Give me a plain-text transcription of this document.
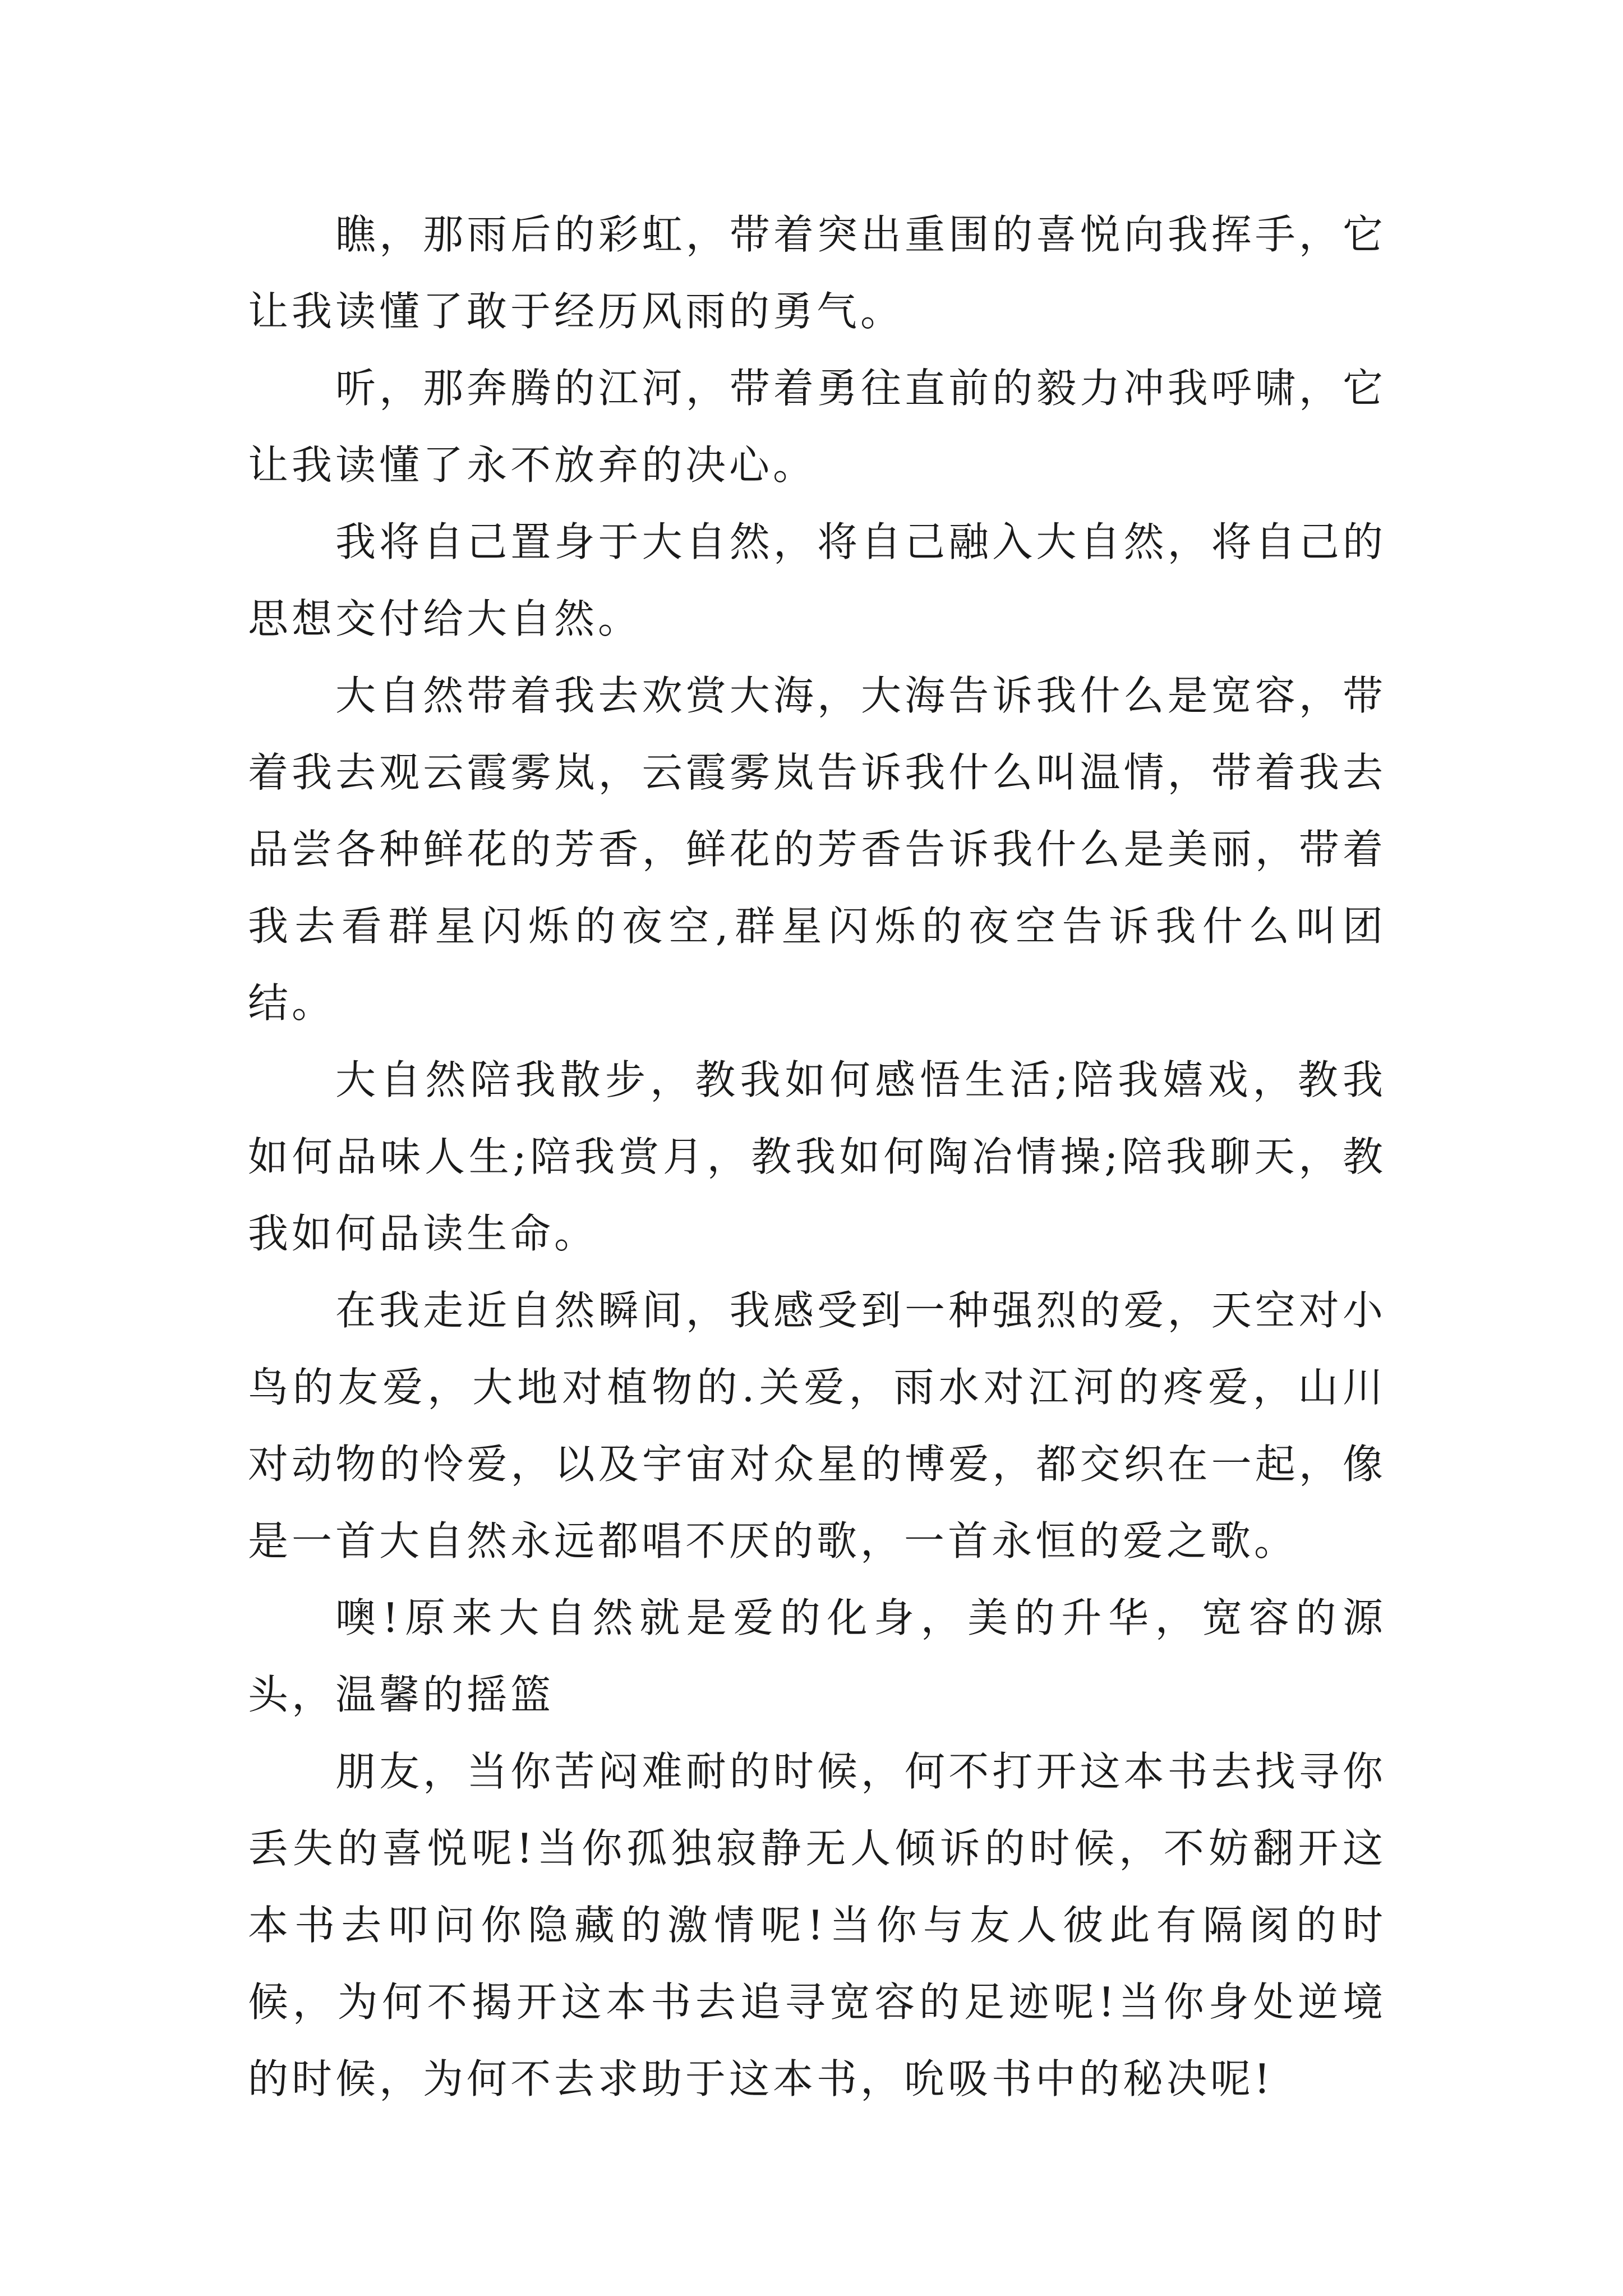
瞧，那雨后的彩虹，带着突出重围的喜悦向我挥手，它让我读懂了敢于经历风雨的勇气。

听，那奔腾的江河，带着勇往直前的毅力冲我呼啸，它让我读懂了永不放弃的决心。

我将自己置身于大自然，将自己融入大自然，将自己的思想交付给大自然。

大自然带着我去欢赏大海，大海告诉我什么是宽容，带着我去观云霞雾岚，云霞雾岚告诉我什么叫温情，带着我去品尝各种鲜花的芳香，鲜花的芳香告诉我什么是美丽，带着我去看群星闪烁的夜空,群星闪烁的夜空告诉我什么叫团结。

大自然陪我散步，教我如何感悟生活;陪我嬉戏，教我如何品味人生;陪我赏月，教我如何陶冶情操;陪我聊天，教我如何品读生命。

在我走近自然瞬间，我感受到一种强烈的爱，天空对小鸟的友爱，大地对植物的.关爱，雨水对江河的疼爱，山川对动物的怜爱，以及宇宙对众星的博爱，都交织在一起，像是一首大自然永远都唱不厌的歌，一首永恒的爱之歌。

噢!原来大自然就是爱的化身，美的升华，宽容的源头，温馨的摇篮

朋友，当你苦闷难耐的时候，何不打开这本书去找寻你丢失的喜悦呢!当你孤独寂静无人倾诉的时候，不妨翻开这本书去叩问你隐藏的激情呢!当你与友人彼此有隔阂的时候，为何不揭开这本书去追寻宽容的足迹呢!当你身处逆境的时候，为何不去求助于这本书，吮吸书中的秘决呢!
